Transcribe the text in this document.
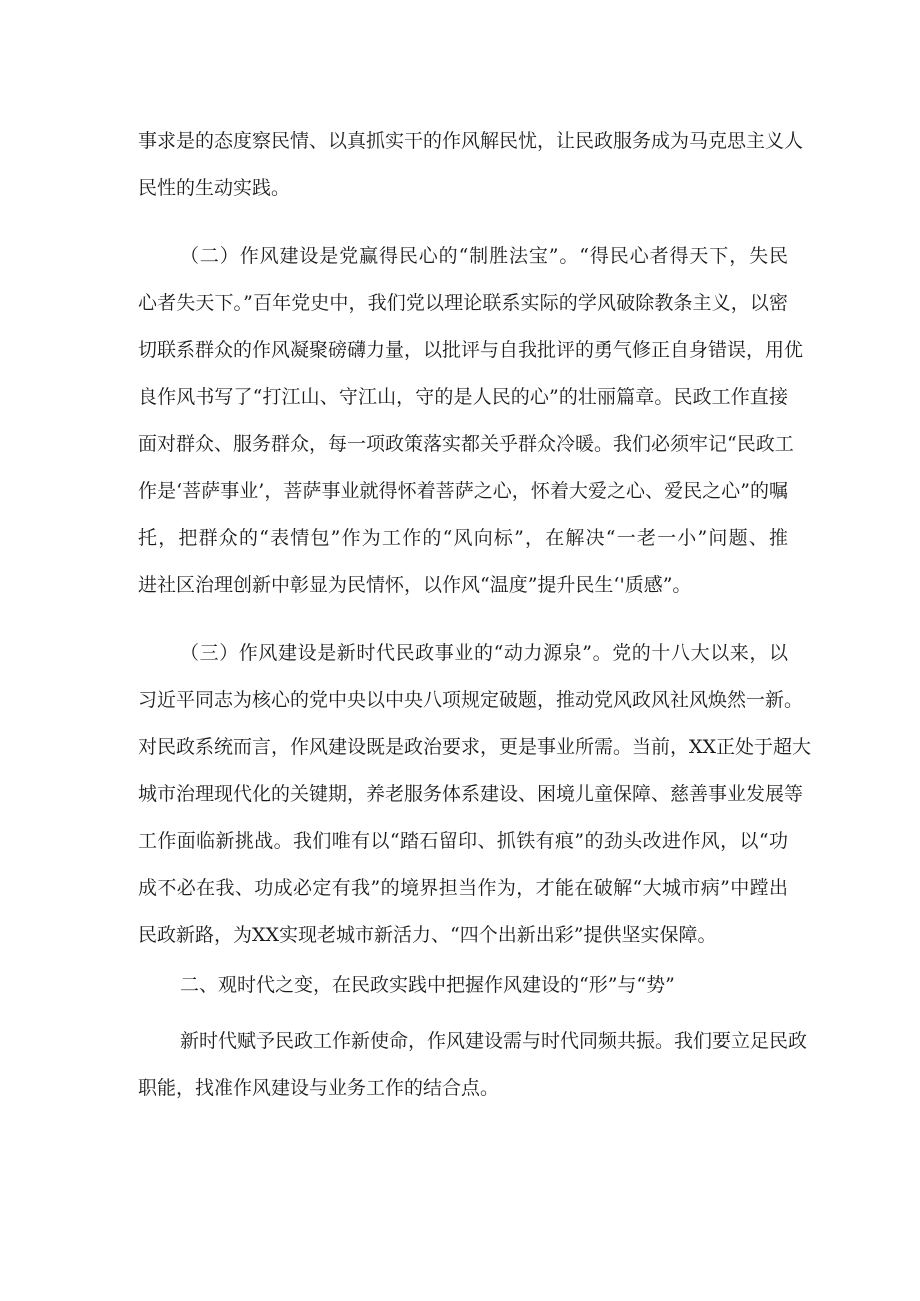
事求是的态度察民情、以真抓实干的作风解民忧，让民政服务成为马克思主义人
民性的生动实践。
（二）作风建设是党赢得民心的“制胜法宝”。“得民心者得天下，失民
心者失天下。”百年党史中，我们党以理论联系实际的学风破除教条主义，以密
切联系群众的作风凝聚磅礴力量，以批评与自我批评的勇气修正自身错误，用优
良作风书写了“打江山、守江山，守的是人民的心”的壮丽篇章。民政工作直接
面对群众、服务群众，每一项政策落实都关乎群众冷暖。我们必须牢记“民政工
作是‘菩萨事业’，菩萨事业就得怀着菩萨之心，怀着大爱之心、爱民之心”的嘱
托，把群众的“表情包”作为工作的“风向标”，在解决“一老一小”问题、推
进社区治理创新中彰显为民情怀，以作风“温度”提升民生‘'质感”。
（三）作风建设是新时代民政事业的“动力源泉”。党的十八大以来，以
习近平同志为核心的党中央以中央八项规定破题，推动党风政风社风焕然一新。
对民政系统而言，作风建设既是政治要求，更是事业所需。当前，XX正处于超大
城市治理现代化的关键期，养老服务体系建设、困境儿童保障、慈善事业发展等
工作面临新挑战。我们唯有以“踏石留印、抓铁有痕”的劲头改进作风，以“功
成不必在我、功成必定有我”的境界担当作为，才能在破解“大城市病”中蹚出
民政新路，为XX实现老城市新活力、“四个出新出彩”提供坚实保障。
二、观时代之变，在民政实践中把握作风建设的“形”与“势”
新时代赋予民政工作新使命，作风建设需与时代同频共振。我们要立足民政
职能，找准作风建设与业务工作的结合点。
